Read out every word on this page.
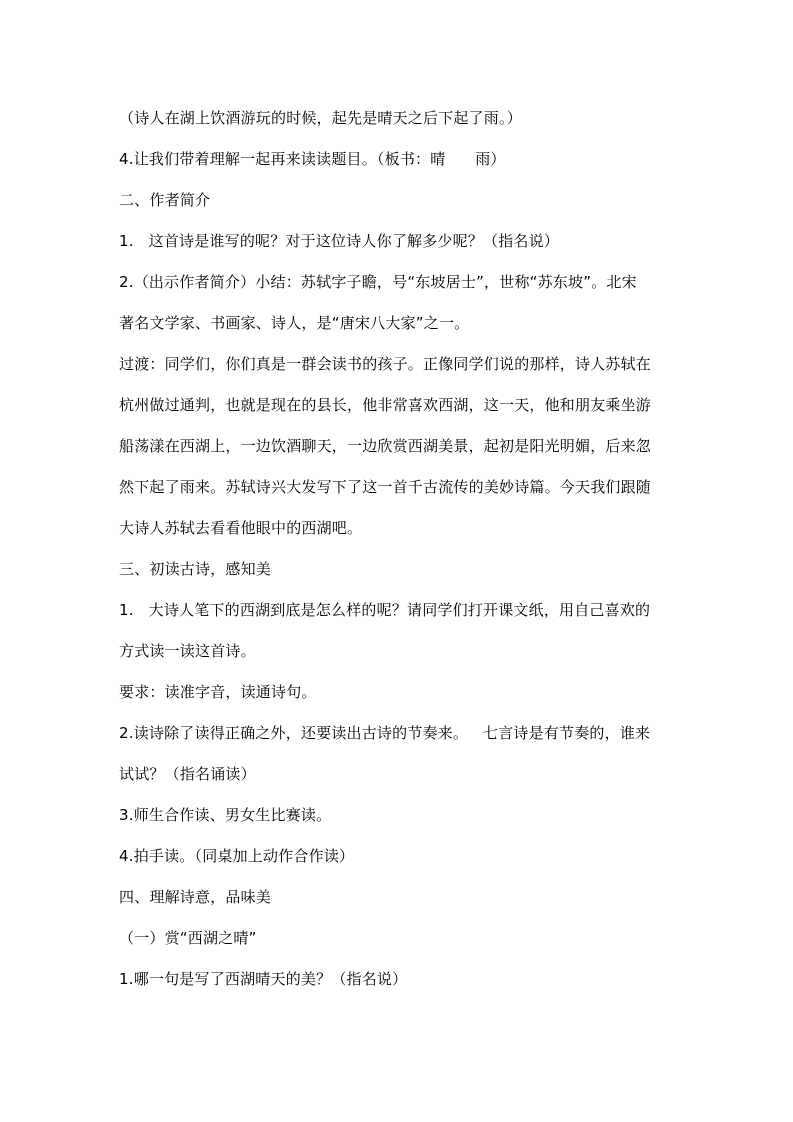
（诗人在湖上饮酒游玩的时候，起先是晴天之后下起了雨。）
4.让我们带着理解一起再来读读题目。（板书：晴      雨）
二、作者简介
1.   这首诗是谁写的呢？对于这位诗人你了解多少呢？（指名说）
2.（出示作者简介）小结：苏轼字子瞻，号“东坡居士”，世称“苏东坡”。北宋
著名文学家、书画家、诗人，是“唐宋八大家”之一。
过渡：同学们，你们真是一群会读书的孩子。正像同学们说的那样，诗人苏轼在
杭州做过通判，也就是现在的县长，他非常喜欢西湖，这一天，他和朋友乘坐游
船荡漾在西湖上，一边饮酒聊天，一边欣赏西湖美景，起初是阳光明媚，后来忽
然下起了雨来。苏轼诗兴大发写下了这一首千古流传的美妙诗篇。今天我们跟随
大诗人苏轼去看看他眼中的西湖吧。
三、初读古诗，感知美
1.   大诗人笔下的西湖到底是怎么样的呢？请同学们打开课文纸，用自己喜欢的
方式读一读这首诗。
要求：读准字音，读通诗句。
2.读诗除了读得正确之外，还要读出古诗的节奏来。   七言诗是有节奏的，谁来
试试？（指名诵读）
3.师生合作读、男女生比赛读。
4.拍手读。（同桌加上动作合作读）
四、理解诗意，品味美
（一）赏“西湖之晴”
1.哪一句是写了西湖晴天的美？（指名说）
